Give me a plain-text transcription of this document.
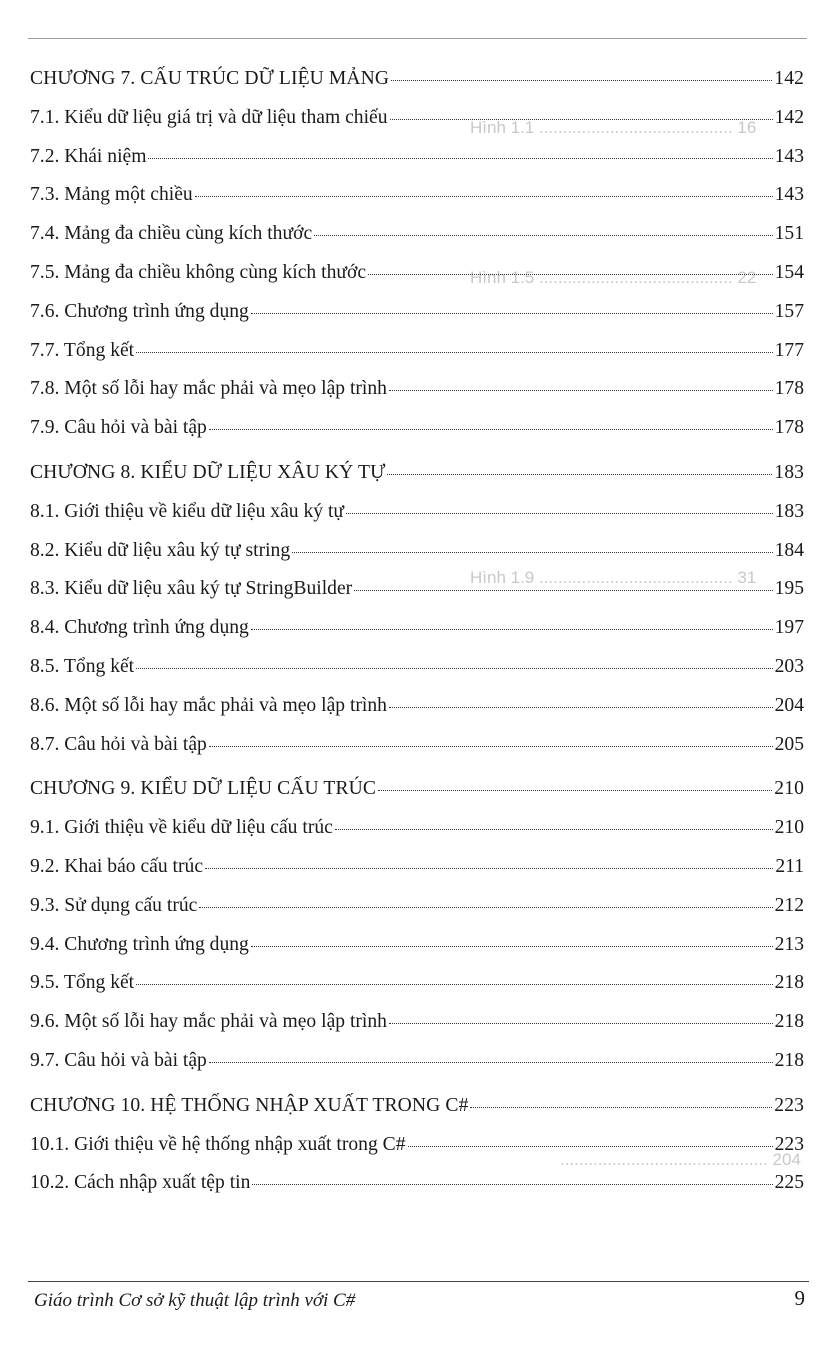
Hình 1.1 ......................................... 16
Hình 1.5 ......................................... 22
Hình 1.9 ......................................... 31
............................................ 204
CHƯƠNG 7. CẤU TRÚC DỮ LIỆU MẢNG	142
7.1. Kiểu dữ liệu giá trị và dữ liệu tham chiếu	142
7.2. Khái niệm	143
7.3. Mảng một chiều	143
7.4. Mảng đa chiều cùng kích thước	151
7.5. Mảng đa chiều không cùng kích thước	154
7.6. Chương trình ứng dụng	157
7.7. Tổng kết	177
7.8. Một số lỗi hay mắc phải và mẹo lập trình	178
7.9. Câu hỏi và bài tập	178
CHƯƠNG 8. KIỂU DỮ LIỆU XÂU KÝ TỰ	183
8.1. Giới thiệu về kiểu dữ liệu xâu ký tự	183
8.2. Kiểu dữ liệu xâu ký tự string	184
8.3. Kiểu dữ liệu xâu ký tự StringBuilder	195
8.4. Chương trình ứng dụng	197
8.5. Tổng kết	203
8.6. Một số lỗi hay mắc phải và mẹo lập trình	204
8.7. Câu hỏi và bài tập	205
CHƯƠNG 9. KIỂU DỮ LIỆU CẤU TRÚC	210
9.1. Giới thiệu về kiểu dữ liệu cấu trúc	210
9.2. Khai báo cấu trúc	211
9.3. Sử dụng cấu trúc	212
9.4. Chương trình ứng dụng	213
9.5. Tổng kết	218
9.6. Một số lỗi hay mắc phải và mẹo lập trình	218
9.7. Câu hỏi và bài tập	218
CHƯƠNG 10. HỆ THỐNG NHẬP XUẤT TRONG C#	223
10.1. Giới thiệu về hệ thống nhập xuất trong C#	223
10.2. Cách nhập xuất tệp tin	225
Giáo trình Cơ sở kỹ thuật lập trình với C#	9
